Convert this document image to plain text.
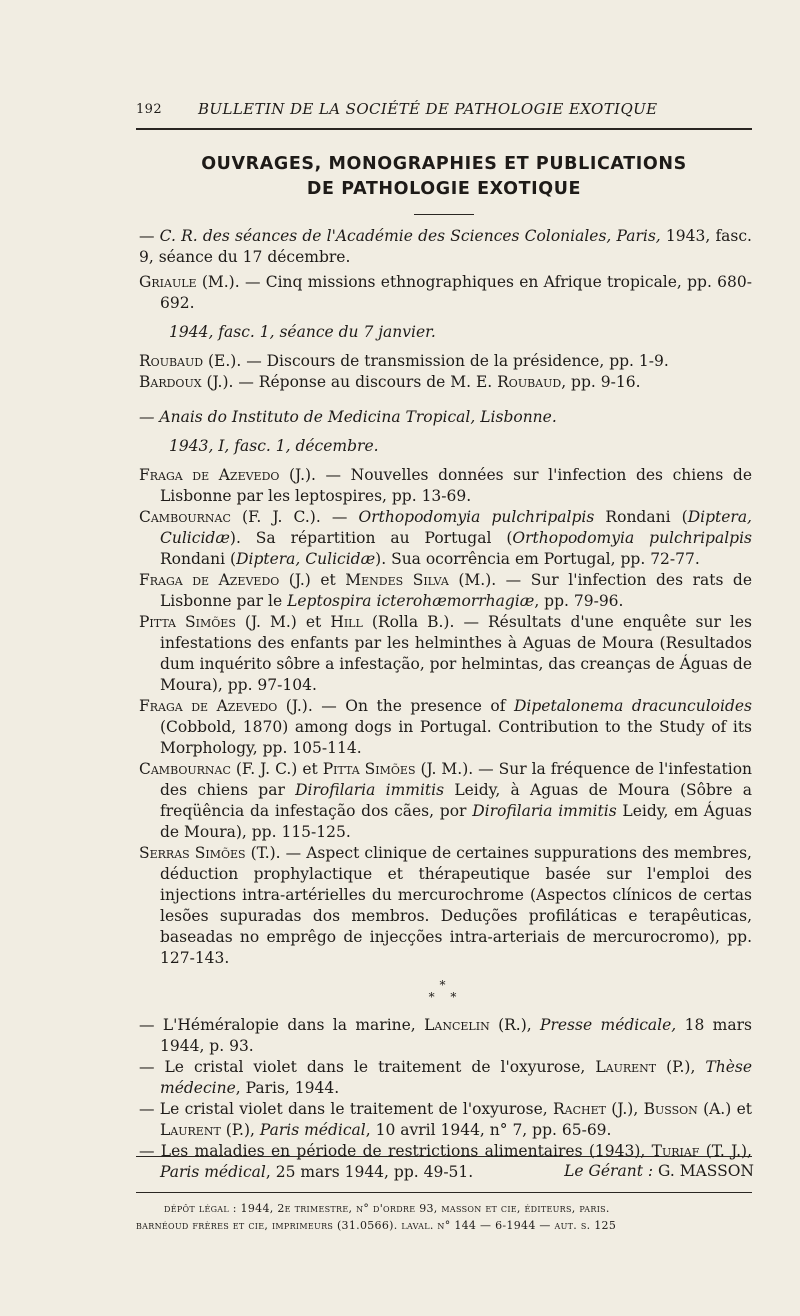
192 BULLETIN DE LA SOCIÉTÉ DE PATHOLOGIE EXOTIQUE
OUVRAGES, MONOGRAPHIES ET PUBLICATIONS
DE PATHOLOGIE EXOTIQUE

— C. R. des séances de l'Académie des Sciences Coloniales, Paris, 1943, fasc. 9, séance du 17 décembre.

Griaule (M.). — Cinq missions ethnographiques en Afrique tropicale, pp. 680-692.

1944, fasc. 1, séance du 7 janvier.

Roubaud (E.). — Discours de transmission de la présidence, pp. 1-9.

Bardoux (J.). — Réponse au discours de M. E. Roubaud, pp. 9-16.

— Anais do Instituto de Medicina Tropical, Lisbonne.

1943, I, fasc. 1, décembre.

Fraga de Azevedo (J.). — Nouvelles données sur l'infection des chiens de Lisbonne par les leptospires, pp. 13-69.

Cambournac (F. J. C.). — Orthopodomyia pulchripalpis Rondani (Diptera, Culicidæ). Sa répartition au Portugal (Orthopodomyia pulchripalpis Rondani (Diptera, Culicidæ). Sua ocorrência em Portugal, pp. 72-77.

Fraga de Azevedo (J.) et Mendes Silva (M.). — Sur l'infection des rats de Lisbonne par le Leptospira icterohæmorrhagiæ, pp. 79-96.

Pitta Simões (J. M.) et Hill (Rolla B.). — Résultats d'une enquête sur les infestations des enfants par les helminthes à Aguas de Moura (Resultados dum inquérito sôbre a infestação, por helmintas, das creanças de Águas de Moura), pp. 97-104.

Fraga de Azevedo (J.). — On the presence of Dipetalonema dracunculoides (Cobbold, 1870) among dogs in Portugal. Contribution to the Study of its Morphology, pp. 105-114.

Cambournac (F. J. C.) et Pitta Simões (J. M.). — Sur la fréquence de l'infestation des chiens par Dirofilaria immitis Leidy, à Aguas de Moura (Sôbre a freqüência da infestação dos cães, por Dirofilaria immitis Leidy, em Águas de Moura), pp. 115-125.

Serras Simões (T.). — Aspect clinique de certaines suppurations des membres, déduction prophylactique et thérapeutique basée sur l'emploi des injections intra-artérielles du mercurochrome (Aspectos clínicos de certas lesões supuradas dos membros. Deduções profiláticas e terapêuticas, baseadas no emprêgo de injecções intra-arteriais de mercurocromo), pp. 127-143.

*
* *

— L'Héméralopie dans la marine, Lancelin (R.), Presse médicale, 18 mars 1944, p. 93.

— Le cristal violet dans le traitement de l'oxyurose, Laurent (P.), Thèse médecine, Paris, 1944.

— Le cristal violet dans le traitement de l'oxyurose, Rachet (J.), Busson (A.) et Laurent (P.), Paris médical, 10 avril 1944, n° 7, pp. 65-69.

— Les maladies en période de restrictions alimentaires (1943), Turiaf (T. J.), Paris médical, 25 mars 1944, pp. 49-51.	Le Gérant : G. MASSON

dépôt légal : 1944, 2e trimestre, n° d'ordre 93, masson et cie, éditeurs, paris.

barnéoud frères et cie, imprimeurs (31.0566). laval. n° 144 — 6-1944 — aut. s. 125
